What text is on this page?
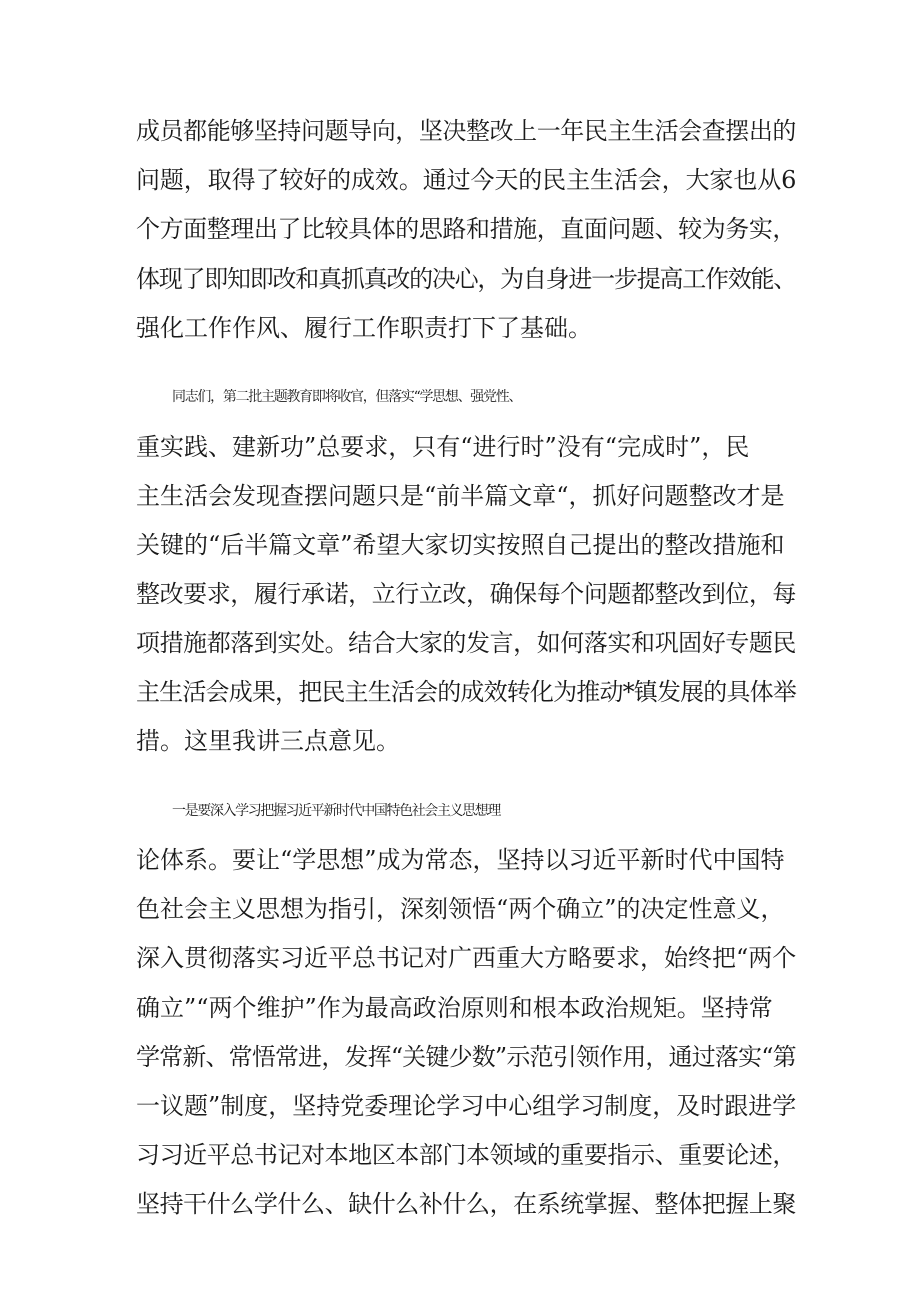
成员都能够坚持问题导向，坚决整改上一年民主生活会查摆出的
问题，取得了较好的成效。通过今天的民主生活会，大家也从6
个方面整理出了比较具体的思路和措施，直面问题、较为务实，
体现了即知即改和真抓真改的决心，为自身进一步提高工作效能、
强化工作作风、履行工作职责打下了基础。
同志们，第二批主题教育即将收官，但落实“学思想、强党性、
重实践、建新功”总要求，只有“进行时”没有“完成时”，民
主生活会发现查摆问题只是“前半篇文章“，抓好问题整改才是
关键的“后半篇文章”希望大家切实按照自己提出的整改措施和
整改要求，履行承诺，立行立改，确保每个问题都整改到位，每
项措施都落到实处。结合大家的发言，如何落实和巩固好专题民
主生活会成果，把民主生活会的成效转化为推动*镇发展的具体举
措。这里我讲三点意见。
一是要深入学习把握习近平新时代中国特色社会主义思想理
论体系。要让“学思想”成为常态，坚持以习近平新时代中国特
色社会主义思想为指引，深刻领悟“两个确立”的决定性意义，
深入贯彻落实习近平总书记对广西重大方略要求，始终把“两个
确立”“两个维护”作为最高政治原则和根本政治规矩。坚持常
学常新、常悟常进，发挥“关键少数”示范引领作用，通过落实“第
一议题”制度，坚持党委理论学习中心组学习制度，及时跟进学
习习近平总书记对本地区本部门本领域的重要指示、重要论述，
坚持干什么学什么、缺什么补什么，在系统掌握、整体把握上聚
